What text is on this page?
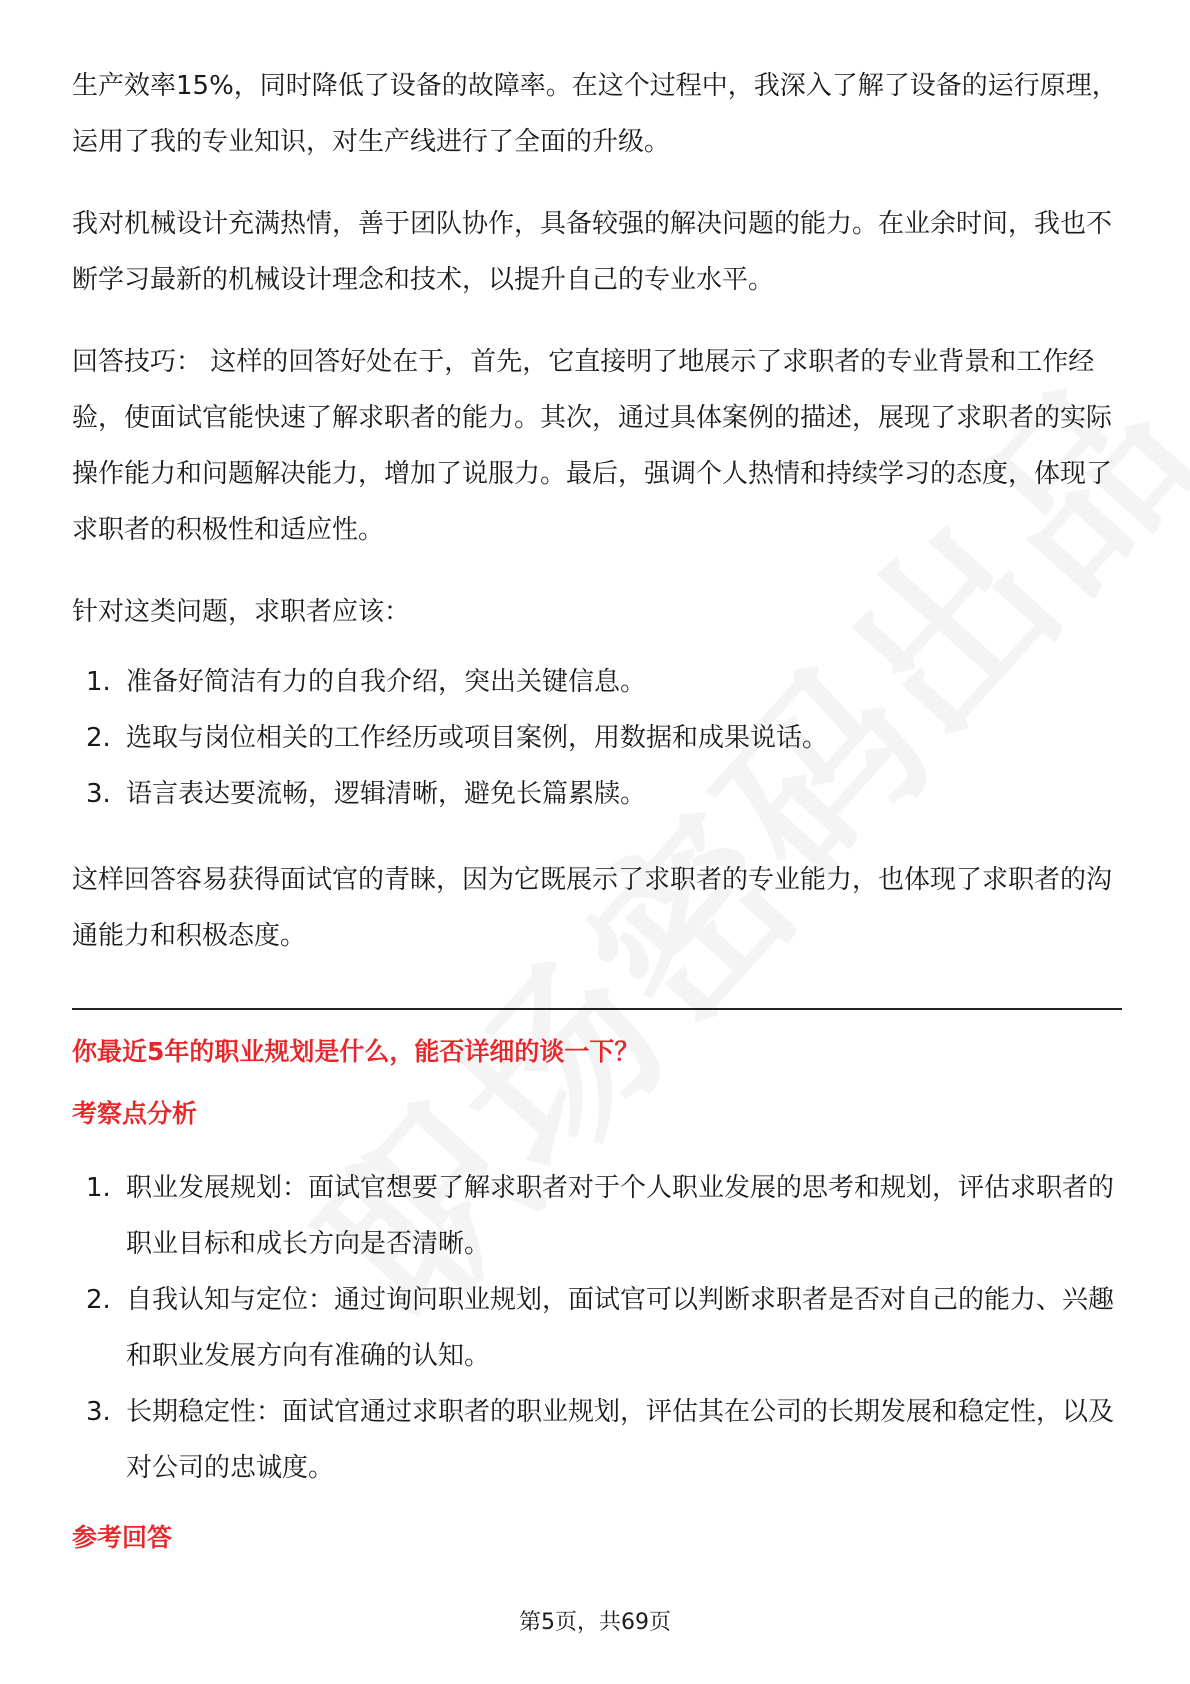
生产效率15%，同时降低了设备的故障率。在这个过程中，我深入了解了设备的运行原理，运用了我的专业知识，对生产线进行了全面的升级。

我对机械设计充满热情，善于团队协作，具备较强的解决问题的能力。在业余时间，我也不断学习最新的机械设计理念和技术，以提升自己的专业水平。

回答技巧： 这样的回答好处在于，首先，它直接明了地展示了求职者的专业背景和工作经验，使面试官能快速了解求职者的能力。其次，通过具体案例的描述，展现了求职者的实际操作能力和问题解决能力，增加了说服力。最后，强调个人热情和持续学习的态度，体现了求职者的积极性和适应性。

针对这类问题，求职者应该：

1. 准备好简洁有力的自我介绍，突出关键信息。
2. 选取与岗位相关的工作经历或项目案例，用数据和成果说话。
3. 语言表达要流畅，逻辑清晰，避免长篇累牍。

这样回答容易获得面试官的青睐，因为它既展示了求职者的专业能力，也体现了求职者的沟通能力和积极态度。

你最近5年的职业规划是什么，能否详细的谈一下？
考察点分析
1. 职业发展规划：面试官想要了解求职者对于个人职业发展的思考和规划，评估求职者的职业目标和成长方向是否清晰。
2. 自我认知与定位：通过询问职业规划，面试官可以判断求职者是否对自己的能力、兴趣和职业发展方向有准确的认知。
3. 长期稳定性：面试官通过求职者的职业规划，评估其在公司的长期发展和稳定性，以及对公司的忠诚度。
参考回答
第5页，共69页
